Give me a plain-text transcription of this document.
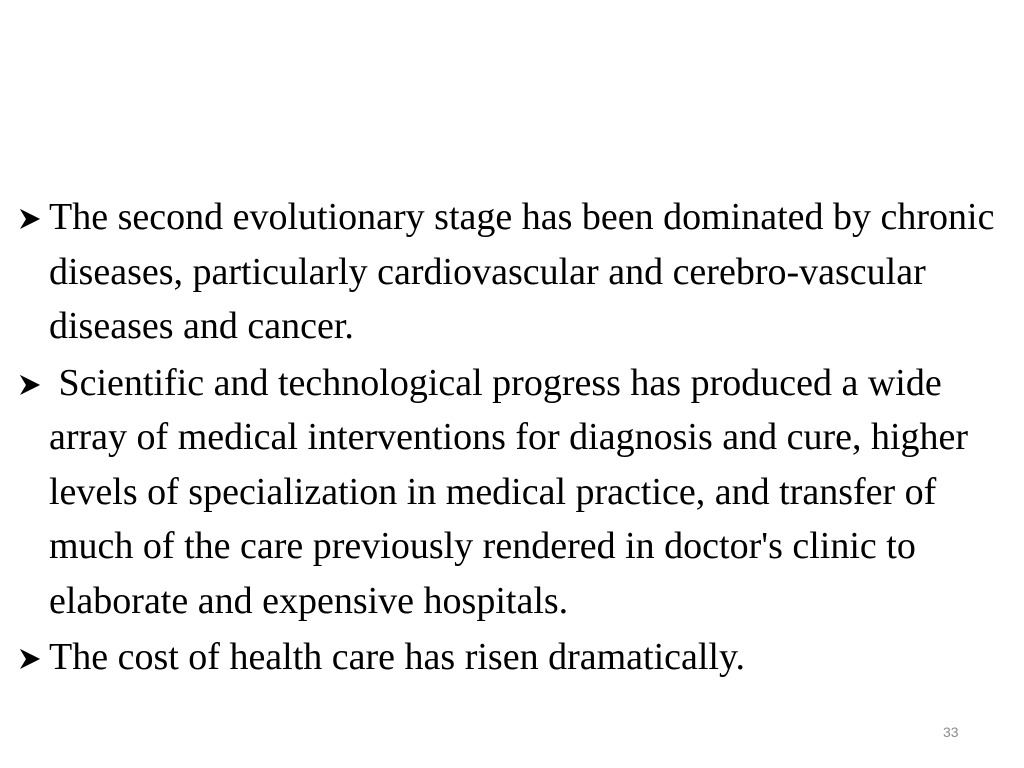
The second evolutionary stage has been dominated by chronic diseases, particularly cardiovascular and cerebro-vascular diseases and cancer.
Scientific and technological progress has produced a wide array of medical interventions for diagnosis and cure, higher levels of specialization in medical practice, and transfer of much of the care previously rendered in doctor's clinic to elaborate and expensive hospitals.
The cost of health care has risen dramatically.
33
